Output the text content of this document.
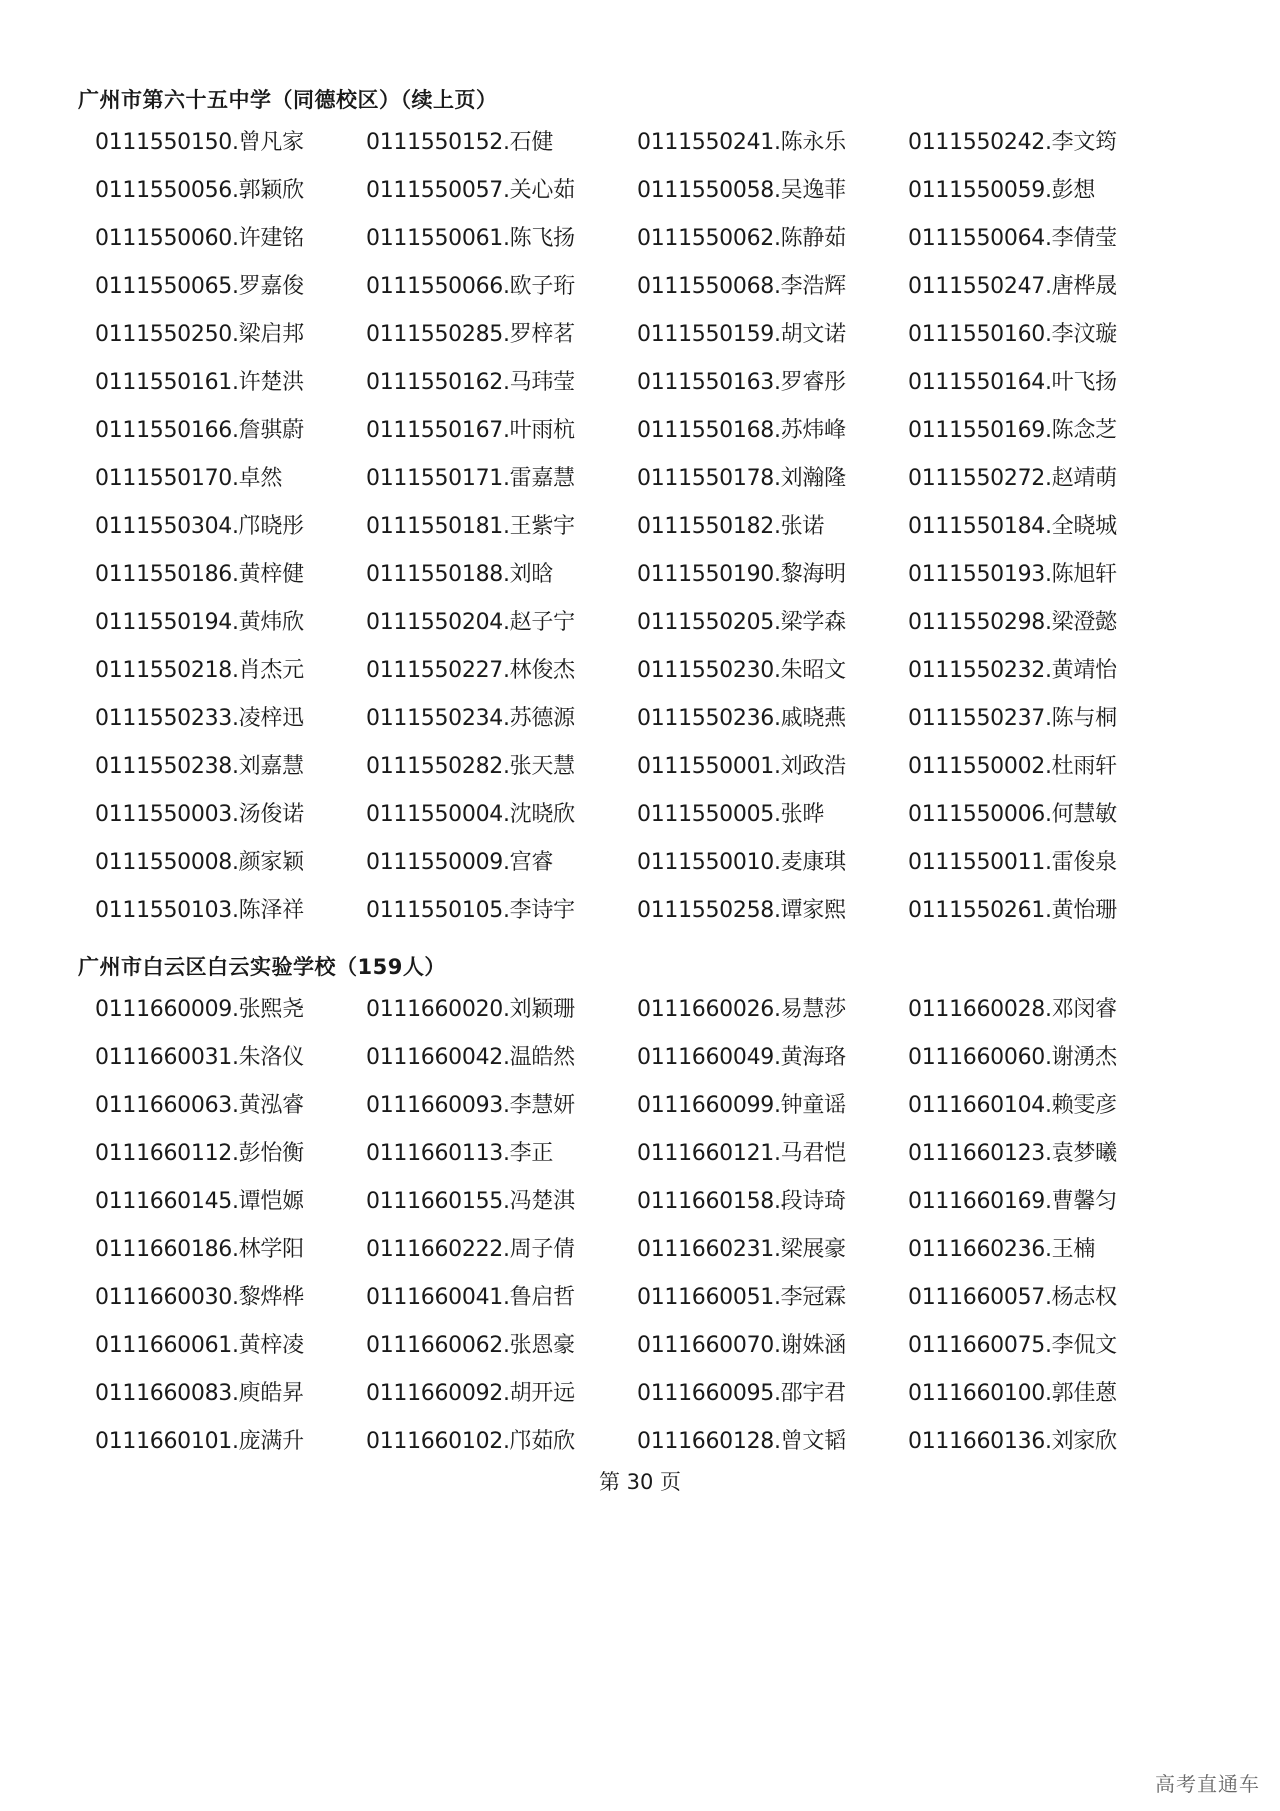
广州市第六十五中学（同德校区）（续上页）
0111550150.曾凡家	0111550152.石健	0111550241.陈永乐	0111550242.李文筠
0111550056.郭颖欣	0111550057.关心茹	0111550058.吴逸菲	0111550059.彭想
0111550060.许建铭	0111550061.陈飞扬	0111550062.陈静茹	0111550064.李倩莹
0111550065.罗嘉俊	0111550066.欧子珩	0111550068.李浩辉	0111550247.唐桦晟
0111550250.梁启邦	0111550285.罗梓茗	0111550159.胡文诺	0111550160.李汶璇
0111550161.许楚洪	0111550162.马玮莹	0111550163.罗睿彤	0111550164.叶飞扬
0111550166.詹骐蔚	0111550167.叶雨杭	0111550168.苏炜峰	0111550169.陈念芝
0111550170.卓然	0111550171.雷嘉慧	0111550178.刘瀚隆	0111550272.赵靖萌
0111550304.邝晓彤	0111550181.王紫宇	0111550182.张诺	0111550184.全晓城
0111550186.黄梓健	0111550188.刘晗	0111550190.黎海明	0111550193.陈旭轩
0111550194.黄炜欣	0111550204.赵子宁	0111550205.梁学森	0111550298.梁澄懿
0111550218.肖杰元	0111550227.林俊杰	0111550230.朱昭文	0111550232.黄靖怡
0111550233.凌梓迅	0111550234.苏德源	0111550236.戚晓燕	0111550237.陈与桐
0111550238.刘嘉慧	0111550282.张天慧	0111550001.刘政浩	0111550002.杜雨轩
0111550003.汤俊诺	0111550004.沈晓欣	0111550005.张晔	0111550006.何慧敏
0111550008.颜家颖	0111550009.宫睿	0111550010.麦康琪	0111550011.雷俊泉
0111550103.陈泽祥	0111550105.李诗宇	0111550258.谭家熙	0111550261.黄怡珊
广州市白云区白云实验学校（159人）
0111660009.张熙尧	0111660020.刘颖珊	0111660026.易慧莎	0111660028.邓闵睿
0111660031.朱洛仪	0111660042.温皓然	0111660049.黄海珞	0111660060.谢湧杰
0111660063.黄泓睿	0111660093.李慧妍	0111660099.钟童谣	0111660104.赖雯彦
0111660112.彭怡衡	0111660113.李正	0111660121.马君恺	0111660123.袁梦曦
0111660145.谭恺嫄	0111660155.冯楚淇	0111660158.段诗琦	0111660169.曹馨匀
0111660186.林学阳	0111660222.周子倩	0111660231.梁展豪	0111660236.王楠
0111660030.黎烨桦	0111660041.鲁启哲	0111660051.李冠霖	0111660057.杨志权
0111660061.黄梓凌	0111660062.张恩豪	0111660070.谢姝涵	0111660075.李侃文
0111660083.庾皓昇	0111660092.胡开远	0111660095.邵宇君	0111660100.郭佳蒽
0111660101.庞满升	0111660102.邝茹欣	0111660128.曾文韬	0111660136.刘家欣
第 30 页
高考直通车
